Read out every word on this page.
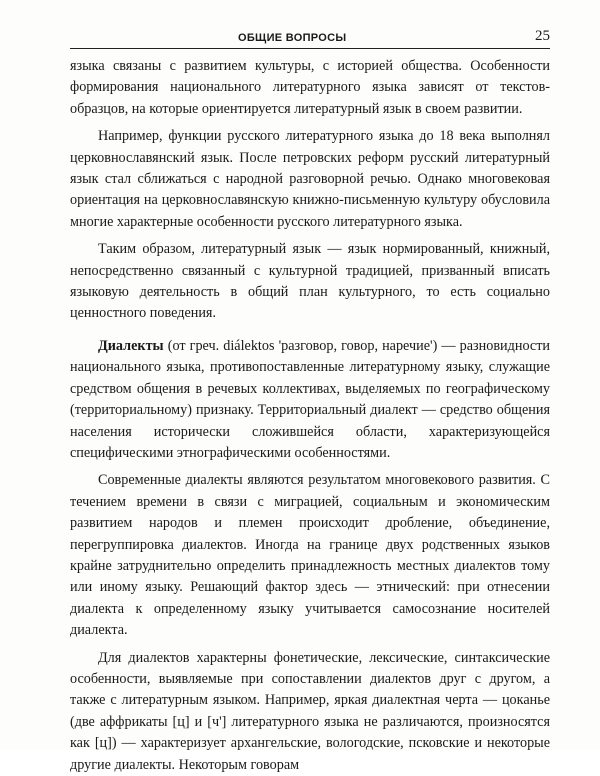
ОБЩИЕ ВОПРОСЫ	25

языка связаны с развитием культуры, с историей общества. Особенности формирования национального литературного языка зависят от текстов-образцов, на которые ориентируется литературный язык в своем развитии.

Например, функции русского литературного языка до 18 века выполнял церковнославянский язык. После петровских реформ русский литературный язык стал сближаться с народной разговорной речью. Однако многовековая ориентация на церковнославянскую книжно-письменную культуру обусловила многие характерные особенности русского литературного языка.

Таким образом, литературный язык — язык нормированный, книжный, непосредственно связанный с культурной традицией, призванный вписать языковую деятельность в общий план культурного, то есть социально ценностного поведения.

Диалекты (от греч. diálektos 'разговор, говор, наречие') — разновидности национального языка, противопоставленные литературному языку, служащие средством общения в речевых коллективах, выделяемых по географическому (территориальному) признаку. Территориальный диалект — средство общения населения исторически сложившейся области, характеризующейся специфическими этнографическими особенностями.

Современные диалекты являются результатом многовекового развития. С течением времени в связи с миграцией, социальным и экономическим развитием народов и племен происходит дробление, объединение, перегруппировка диалектов. Иногда на границе двух родственных языков крайне затруднительно определить принадлежность местных диалектов тому или иному языку. Решающий фактор здесь — этнический: при отнесении диалекта к определенному языку учитывается самосознание носителей диалекта.

Для диалектов характерны фонетические, лексические, синтаксические особенности, выявляемые при сопоставлении диалектов друг с другом, а также с литературным языком. Например, яркая диалектная черта — цоканье (две аффрикаты [ц] и [ч'] литературного языка не различаются, произносятся как [ц]) — характеризует архангельские, вологодские, псковские и некоторые другие диалекты. Некоторым говорам
